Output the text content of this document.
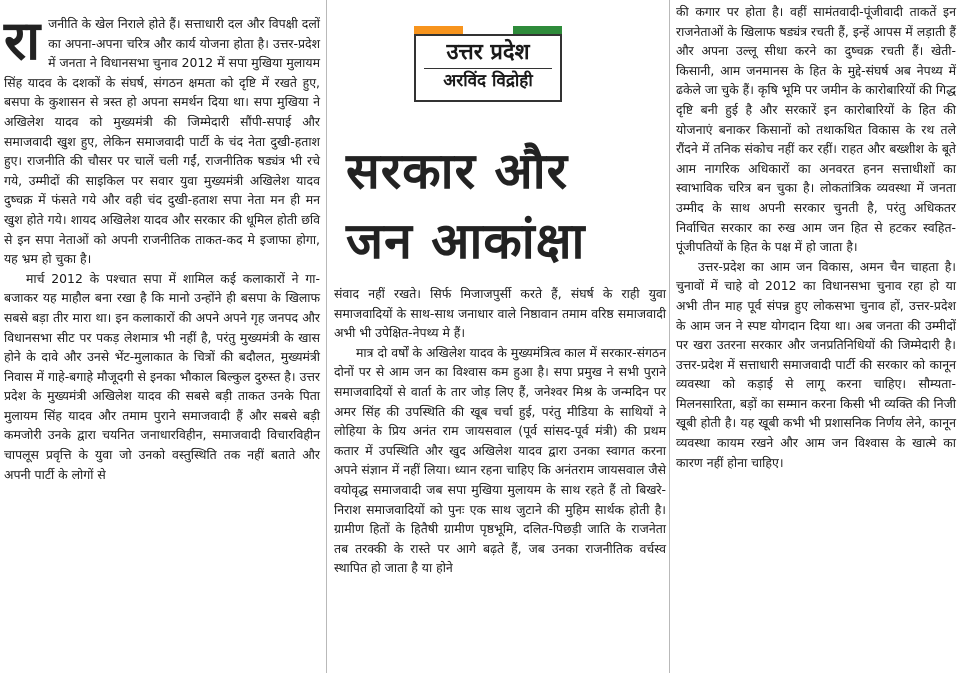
रा जनीति के खेल निराले होते हैं। सत्ताधारी दल और विपक्षी दलों का अपना-अपना चरित्र और कार्य योजना होता है। उत्तर-प्रदेश में जनता ने विधानसभा चुनाव 2012 में सपा मुखिया मुलायम सिंह यादव के दशकों के संघर्ष, संगठन क्षमता को दृष्टि में रखते हुए, बसपा के कुशासन से त्रस्त हो अपना समर्थन दिया था। सपा मुखिया ने अखिलेश यादव को मुख्यमंत्री की जिम्मेदारी सौंपी-सपाई और समाजवादी खुश हुए, लेकिन समाजवादी पार्टी के चंद नेता दुखी-हताश हुए। राजनीति की चौसर पर चालें चली गईं, राजनीतिक षड्यंत्र भी रचे गये, उम्मीदों की साइकिल पर सवार युवा मुख्यमंत्री अखिलेश यादव दुष्चक्र में फंसते गये और वही चंद दुखी-हताश सपा नेता मन ही मन खुश होते गये। शायद अखिलेश यादव और सरकार की धूमिल होती छवि से इन सपा नेताओं को अपनी राजनीतिक ताकत-कद मे इजाफा होगा, यह भ्रम हो चुका है।

मार्च 2012 के पश्चात सपा में शामिल कई कलाकारों ने गा-बजाकर यह माहौल बना रखा है कि मानो उन्होंने ही बसपा के खिलाफ सबसे बड़ा तीर मारा था। इन कलाकारों की अपने अपने गृह जनपद और विधानसभा सीट पर पकड़ लेशमात्र भी नहीं है, परंतु मुख्यमंत्री के खास होने के दावे और उनसे भेंट-मुलाकात के चित्रों की बदौलत, मुख्यमंत्री निवास में गाहे-बगाहे मौजूदगी से इनका भौकाल बिल्कुल दुरुस्त है। उत्तर प्रदेश के मुख्यमंत्री अखिलेश यादव की सबसे बड़ी ताकत उनके पिता मुलायम सिंह यादव और तमाम पुराने समाजवादी हैं और सबसे बड़ी कमजोरी उनके द्वारा चयनित जनाधारविहीन, समाजवादी विचारविहीन चापलूस प्रवृत्ति के युवा जो उनको वस्तुस्थिति तक नहीं बताते और अपनी पार्टी के लोगों से

उत्तर प्रदेश
अरविंद विद्रोही
सरकार और
जन आकांक्षा

संवाद नहीं रखते। सिर्फ मिजाजपुर्सी करते हैं, संघर्ष के राही युवा समाजवादियों के साथ-साथ जनाधार वाले निष्ठावान तमाम वरिष्ठ समाजवादी अभी भी उपेक्षित-नेपथ्य मे हैं।

मात्र दो वर्षों के अखिलेश यादव के मुख्यमंत्रित्व काल में सरकार-संगठन दोनों पर से आम जन का विश्वास कम हुआ है। सपा प्रमुख ने सभी पुराने समाजवादियों से वार्ता के तार जोड़ लिए हैं, जनेश्वर मिश्र के जन्मदिन पर अमर सिंह की उपस्थिति की खूब चर्चा हुई, परंतु मीडिया के साथियों ने लोहिया के प्रिय अनंत राम जायसवाल (पूर्व सांसद-पूर्व मंत्री) की प्रथम कतार में उपस्थिति और खुद अखिलेश यादव द्वारा उनका स्वागत करना अपने संज्ञान में नहीं लिया। ध्यान रहना चाहिए कि अनंतराम जायसवाल जैसे वयोवृद्ध समाजवादी जब सपा मुखिया मुलायम के साथ रहते हैं तो बिखरे-निराश समाजवादियों को पुनः एक साथ जुटाने की मुहिम सार्थक होती है। ग्रामीण हितों के हितैषी ग्रामीण पृष्ठभूमि, दलित-पिछड़ी जाति के राजनेता तब तरक्की के रास्ते पर आगे बढ़ते हैं, जब उनका राजनीतिक वर्चस्व स्थापित हो जाता है या होने

की कगार पर होता है। वहीं सामंतवादी-पूंजीवादी ताकतें इन राजनेताओं के खिलाफ षड्यंत्र रचती हैं, इन्हें आपस में लड़ाती हैं और अपना उल्लू सीधा करने का दुष्चक्र रचती हैं। खेती-किसानी, आम जनमानस के हित के मुद्दे-संघर्ष अब नेपथ्य में ढकेले जा चुके हैं। कृषि भूमि पर जमीन के कारोबारियों की गिद्ध दृष्टि बनी हुई है और सरकारें इन कारोबारियों के हित की योजनाएं बनाकर किसानों को तथाकथित विकास के रथ तले रौंदने में तनिक संकोच नहीं कर रहीं। राहत और बख्शीश के बूते आम नागरिक अधिकारों का अनवरत हनन सत्ताधीशों का स्वाभाविक चरित्र बन चुका है। लोकतांत्रिक व्यवस्था में जनता उम्मीद के साथ अपनी सरकार चुनती है, परंतु अधिकतर निर्वाचित सरकार का रुख आम जन हित से हटकर स्वहित-पूंजीपतियों के हित के पक्ष में हो जाता है।

उत्तर-प्रदेश का आम जन विकास, अमन चैन चाहता है। चुनावों में चाहे वो 2012 का विधानसभा चुनाव रहा हो या अभी तीन माह पूर्व संपन्न हुए लोकसभा चुनाव हों, उत्तर-प्रदेश के आम जन ने स्पष्ट योगदान दिया था। अब जनता की उम्मीदों पर खरा उतरना सरकार और जनप्रतिनिधियों की जिम्मेदारी है। उत्तर-प्रदेश में सत्ताधारी समाजवादी पार्टी की सरकार को कानून व्यवस्था को कड़ाई से लागू करना चाहिए। सौम्यता-मिलनसारिता, बड़ों का सम्मान करना किसी भी व्यक्ति की निजी खूबी होती है। यह खूबी कभी भी प्रशासनिक निर्णय लेने, कानून व्यवस्था कायम रखने और आम जन विश्वास के खात्मे का कारण नहीं होना चाहिए।
